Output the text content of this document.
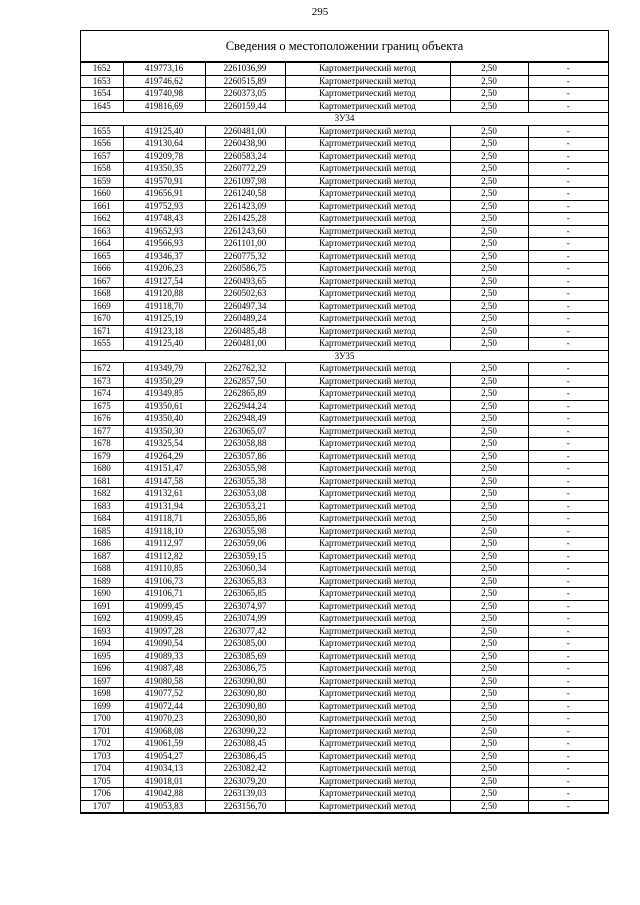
295
Сведения о местоположении границ объекта
1652	419773,16	2261036,99	Картометрический метод	2,50	-
1653	419746,62	2260515,89	Картометрический метод	2,50	-
1654	419740,98	2260373,05	Картометрический метод	2,50	-
1645	419816,69	2260159,44	Картометрический метод	2,50	-
3У34					
1655	419125,40	2260481,00	Картометрический метод	2,50	-
1656	419130,64	2260438,90	Картометрический метод	2,50	-
1657	419209,78	2260583,24	Картометрический метод	2,50	-
1658	419350,35	2260772,29	Картометрический метод	2,50	-
1659	419570,91	2261097,98	Картометрический метод	2,50	-
1660	419656,91	2261240,58	Картометрический метод	2,50	-
1661	419752,93	2261423,09	Картометрический метод	2,50	-
1662	419748,43	2261425,28	Картометрический метод	2,50	-
1663	419652,93	2261243,60	Картометрический метод	2,50	-
1664	419566,93	2261101,00	Картометрический метод	2,50	-
1665	419346,37	2260775,32	Картометрический метод	2,50	-
1666	419206,23	2260586,75	Картометрический метод	2,50	-
1667	419127,54	2260493,65	Картометрический метод	2,50	-
1668	419120,88	2260502,63	Картометрический метод	2,50	-
1669	419118,70	2260497,34	Картометрический метод	2,50	-
1670	419125,19	2260489,24	Картометрический метод	2,50	-
1671	419123,18	2260485,48	Картометрический метод	2,50	-
1655	419125,40	2260481,00	Картометрический метод	2,50	-
3У35					
1672	419349,79	2262762,32	Картометрический метод	2,50	-
1673	419350,29	2262857,50	Картометрический метод	2,50	-
1674	419349,85	2262865,89	Картометрический метод	2,50	-
1675	419350,61	2262944,24	Картометрический метод	2,50	-
1676	419350,40	2262948,49	Картометрический метод	2,50	-
1677	419350,30	2263065,07	Картометрический метод	2,50	-
1678	419325,54	2263058,88	Картометрический метод	2,50	-
1679	419264,29	2263057,86	Картометрический метод	2,50	-
1680	419151,47	2263055,98	Картометрический метод	2,50	-
1681	419147,58	2263055,38	Картометрический метод	2,50	-
1682	419132,61	2263053,08	Картометрический метод	2,50	-
1683	419131,94	2263053,21	Картометрический метод	2,50	-
1684	419118,71	2263055,86	Картометрический метод	2,50	-
1685	419118,10	2263055,98	Картометрический метод	2,50	-
1686	419112,97	2263059,06	Картометрический метод	2,50	-
1687	419112,82	2263059,15	Картометрический метод	2,50	-
1688	419110,85	2263060,34	Картометрический метод	2,50	-
1689	419106,73	2263065,83	Картометрический метод	2,50	-
1690	419106,71	2263065,85	Картометрический метод	2,50	-
1691	419099,45	2263074,97	Картометрический метод	2,50	-
1692	419099,45	2263074,99	Картометрический метод	2,50	-
1693	419097,28	2263077,42	Картометрический метод	2,50	-
1694	419090,54	2263085,00	Картометрический метод	2,50	-
1695	419089,33	2263085,69	Картометрический метод	2,50	-
1696	419087,48	2263086,75	Картометрический метод	2,50	-
1697	419080,58	2263090,80	Картометрический метод	2,50	-
1698	419077,52	2263090,80	Картометрический метод	2,50	-
1699	419072,44	2263090,80	Картометрический метод	2,50	-
1700	419070,23	2263090,80	Картометрический метод	2,50	-
1701	419068,08	2263090,22	Картометрический метод	2,50	-
1702	419061,59	2263088,45	Картометрический метод	2,50	-
1703	419054,27	2263086,45	Картометрический метод	2,50	-
1704	419034,13	2263082,42	Картометрический метод	2,50	-
1705	419018,01	2263079,20	Картометрический метод	2,50	-
1706	419042,88	2263139,03	Картометрический метод	2,50	-
1707	419053,83	2263156,70	Картометрический метод	2,50	-
